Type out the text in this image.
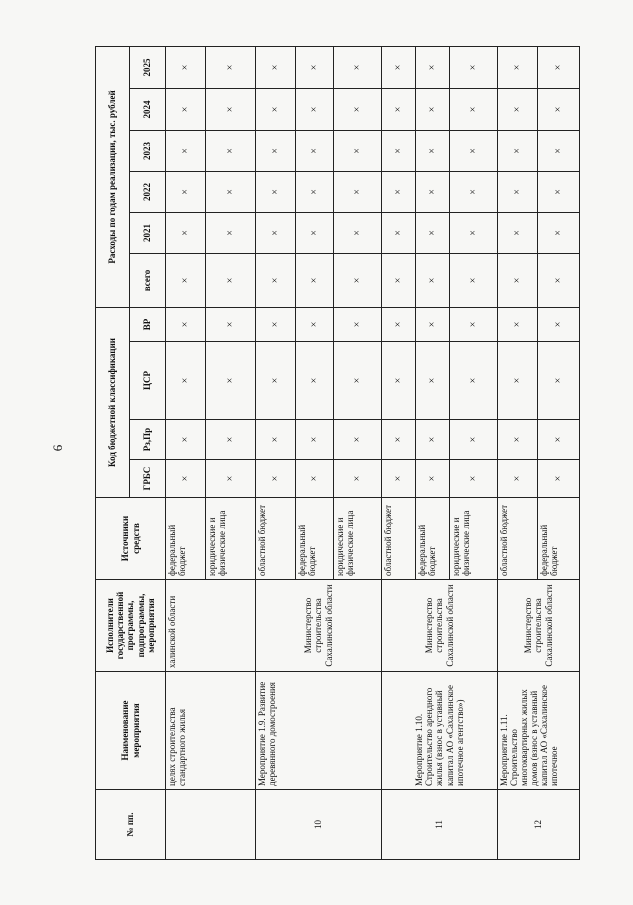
6
№ пп.	Наименование мероприятия	Исполнители государственной программы, подпрограммы, мероприятия	Источники средств	Код бюджетной классификации				Расходы по годам реализации, тыс. рублей					
				ГРБС	Рз,Пр	ЦСР	ВР	всего	2021	2022	2023	2024	2025
	целях строительства стандартного жилья	халинской области	федеральный бюджет	×	×	×	×	×	×	×	×	×	×
			юридические и физические лица	×	×	×	×	×	×	×	×	×	×
10	Мероприятие 1.9. Развитие деревянного домостроения	Министерство строительства Сахалинской области	областной бюджет	×	×	×	×	×	×	×	×	×	×
			федеральный бюджет	×	×	×	×	×	×	×	×	×	×
			юридические и физические лица	×	×	×	×	×	×	×	×	×	×
11	Мероприятие 1.10. Строительство арендного жилья (взнос в уставный капитал АО «Сахалинское ипотечное агентство»)	Министерство строительства Сахалинской области	областной бюджет	×	×	×	×	×	×	×	×	×	×
			федеральный бюджет	×	×	×	×	×	×	×	×	×	×
			юридические и физические лица	×	×	×	×	×	×	×	×	×	×
12	Мероприятие 1.11. Строительство многоквартирных жилых домов (взнос в уставный капитал АО «Сахалинское ипотечное	Министерство строительства Сахалинской области	областной бюджет	×	×	×	×	×	×	×	×	×	×
			федеральный бюджет	×	×	×	×	×	×	×	×	×	×
